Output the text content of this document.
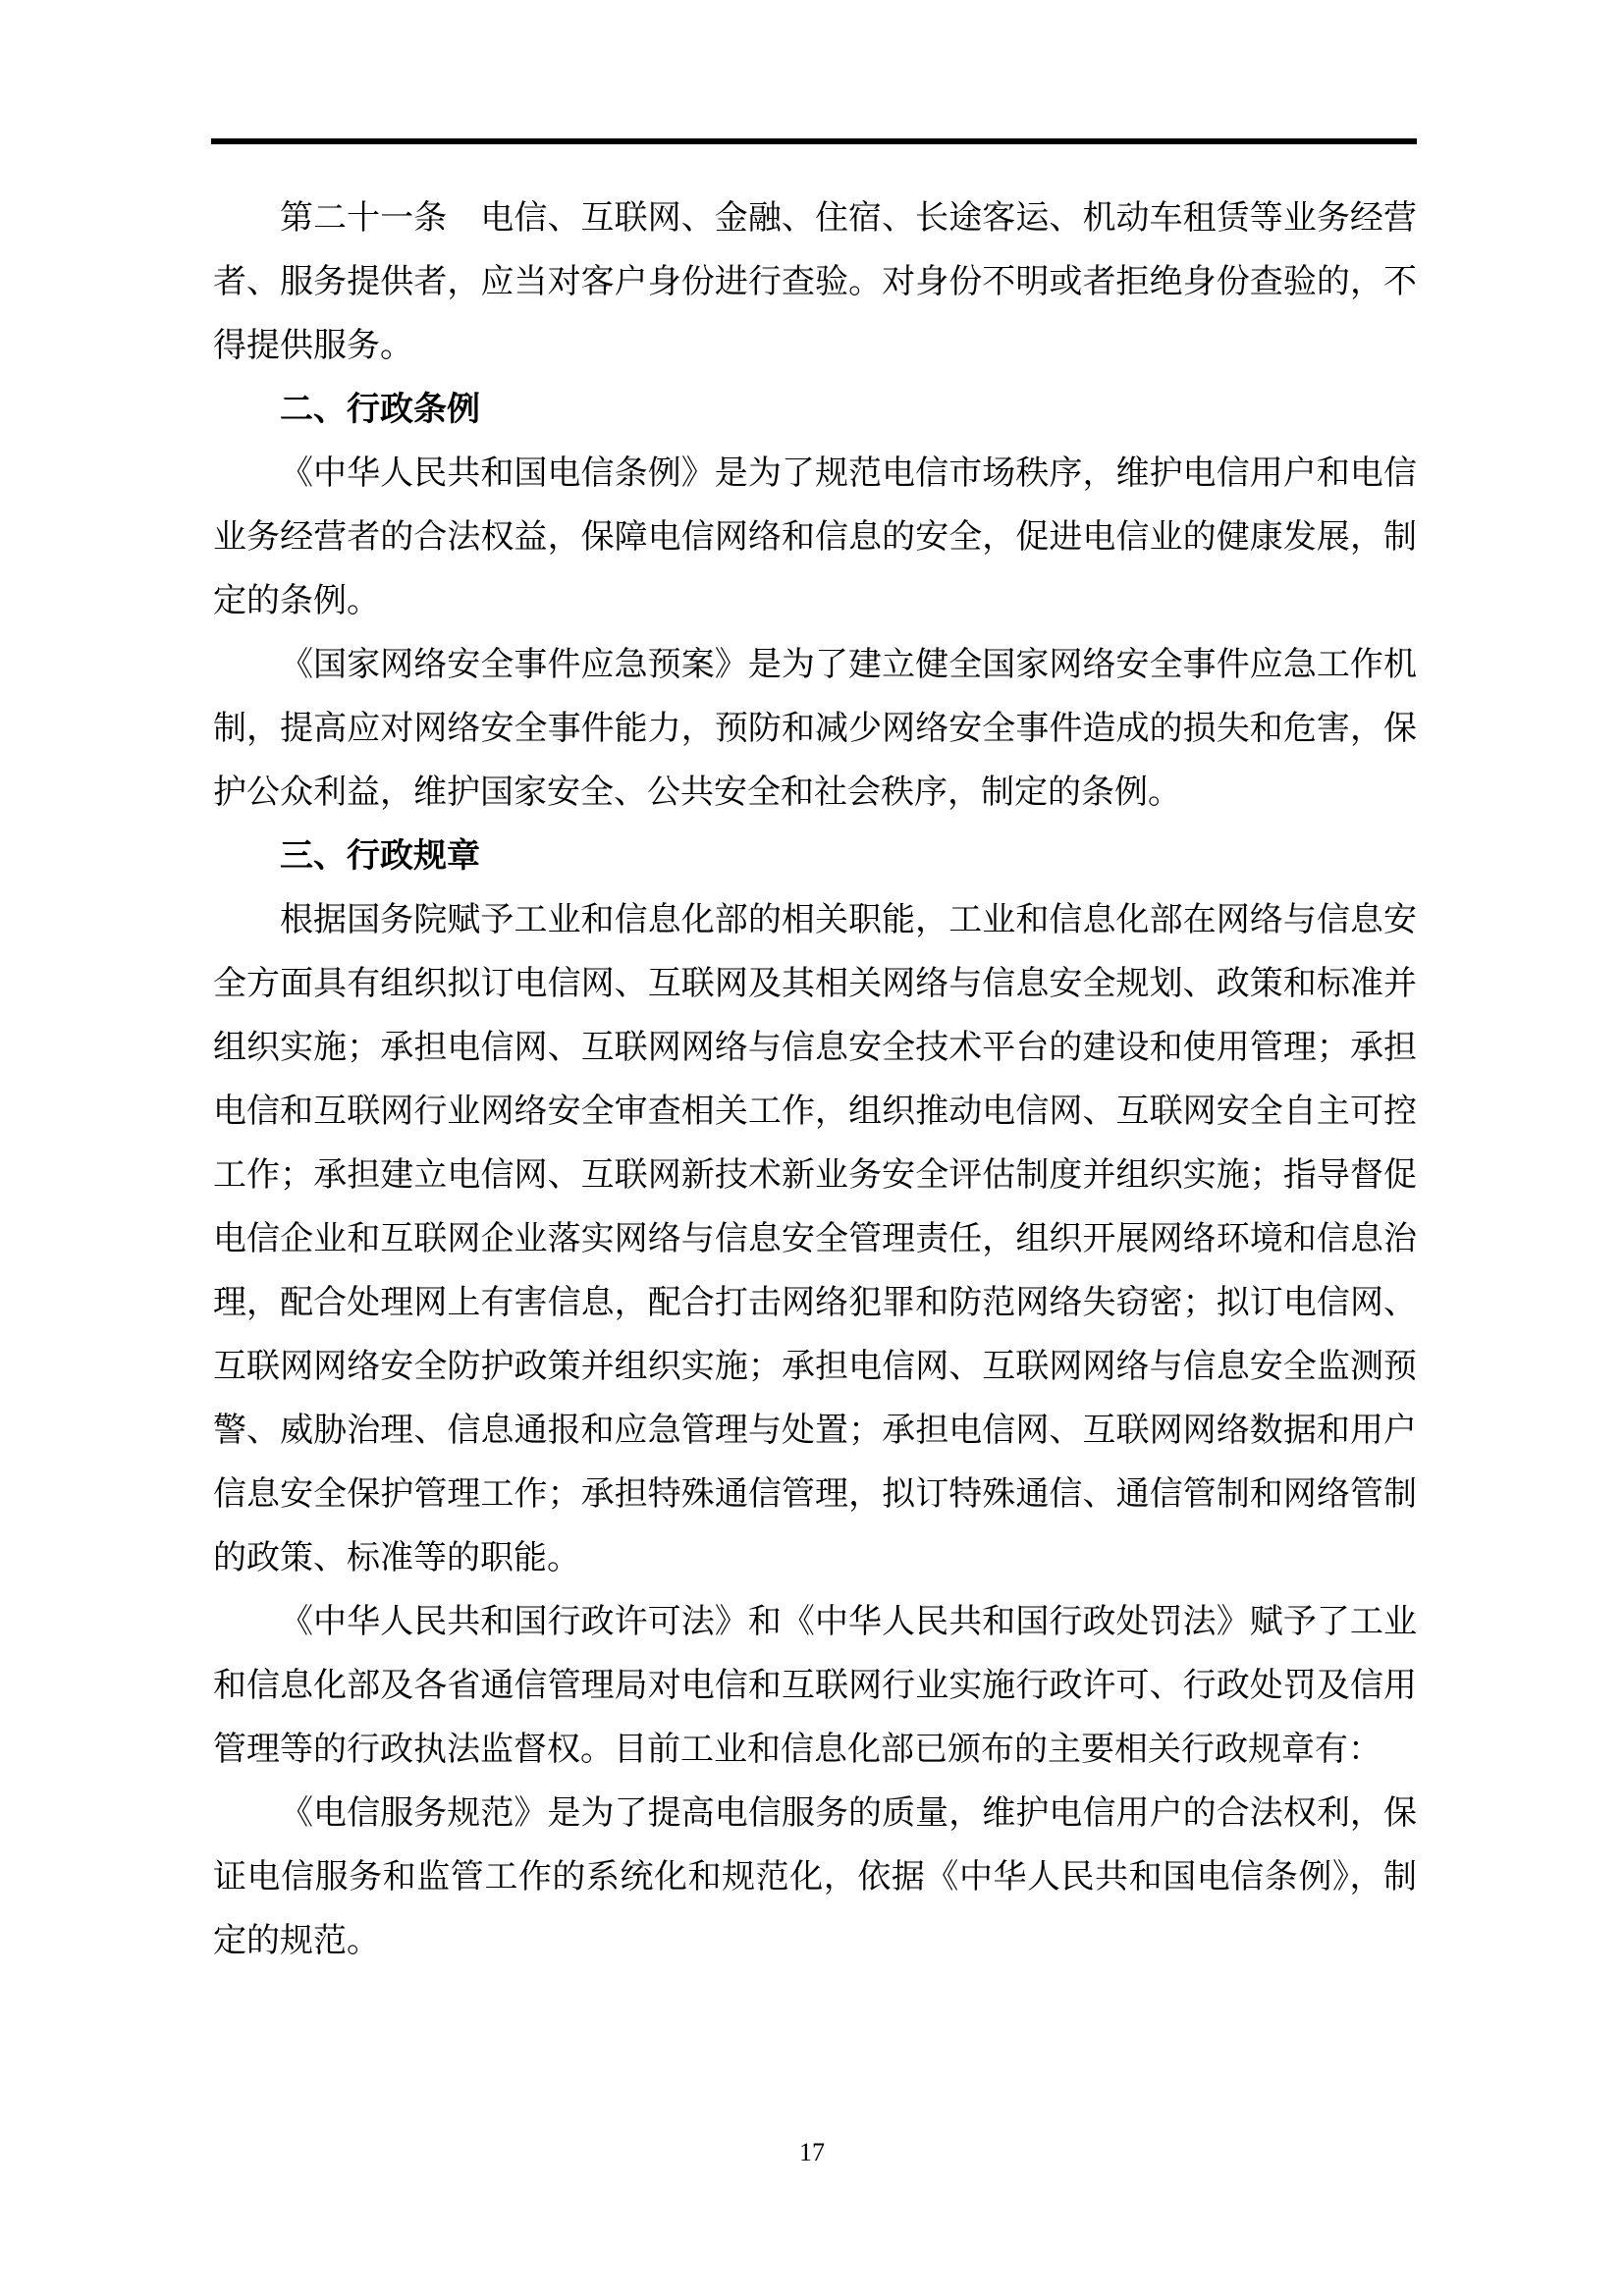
第二十一条　电信、互联网、金融、住宿、长途客运、机动车租赁等业务经营者、服务提供者，应当对客户身份进行查验。对身份不明或者拒绝身份查验的，不得提供服务。

二、行政条例

《中华人民共和国电信条例》是为了规范电信市场秩序，维护电信用户和电信业务经营者的合法权益，保障电信网络和信息的安全，促进电信业的健康发展，制定的条例。

《国家网络安全事件应急预案》是为了建立健全国家网络安全事件应急工作机制，提高应对网络安全事件能力，预防和减少网络安全事件造成的损失和危害，保护公众利益，维护国家安全、公共安全和社会秩序，制定的条例。

三、行政规章

根据国务院赋予工业和信息化部的相关职能，工业和信息化部在网络与信息安全方面具有组织拟订电信网、互联网及其相关网络与信息安全规划、政策和标准并组织实施；承担电信网、互联网网络与信息安全技术平台的建设和使用管理；承担电信和互联网行业网络安全审查相关工作，组织推动电信网、互联网安全自主可控工作；承担建立电信网、互联网新技术新业务安全评估制度并组织实施；指导督促电信企业和互联网企业落实网络与信息安全管理责任，组织开展网络环境和信息治理，配合处理网上有害信息，配合打击网络犯罪和防范网络失窃密；拟订电信网、互联网网络安全防护政策并组织实施；承担电信网、互联网网络与信息安全监测预警、威胁治理、信息通报和应急管理与处置；承担电信网、互联网网络数据和用户信息安全保护管理工作；承担特殊通信管理，拟订特殊通信、通信管制和网络管制的政策、标准等的职能。

《中华人民共和国行政许可法》和《中华人民共和国行政处罚法》赋予了工业和信息化部及各省通信管理局对电信和互联网行业实施行政许可、行政处罚及信用管理等的行政执法监督权。目前工业和信息化部已颁布的主要相关行政规章有：

《电信服务规范》是为了提高电信服务的质量，维护电信用户的合法权利，保证电信服务和监管工作的系统化和规范化，依据《中华人民共和国电信条例》，制定的规范。

17
